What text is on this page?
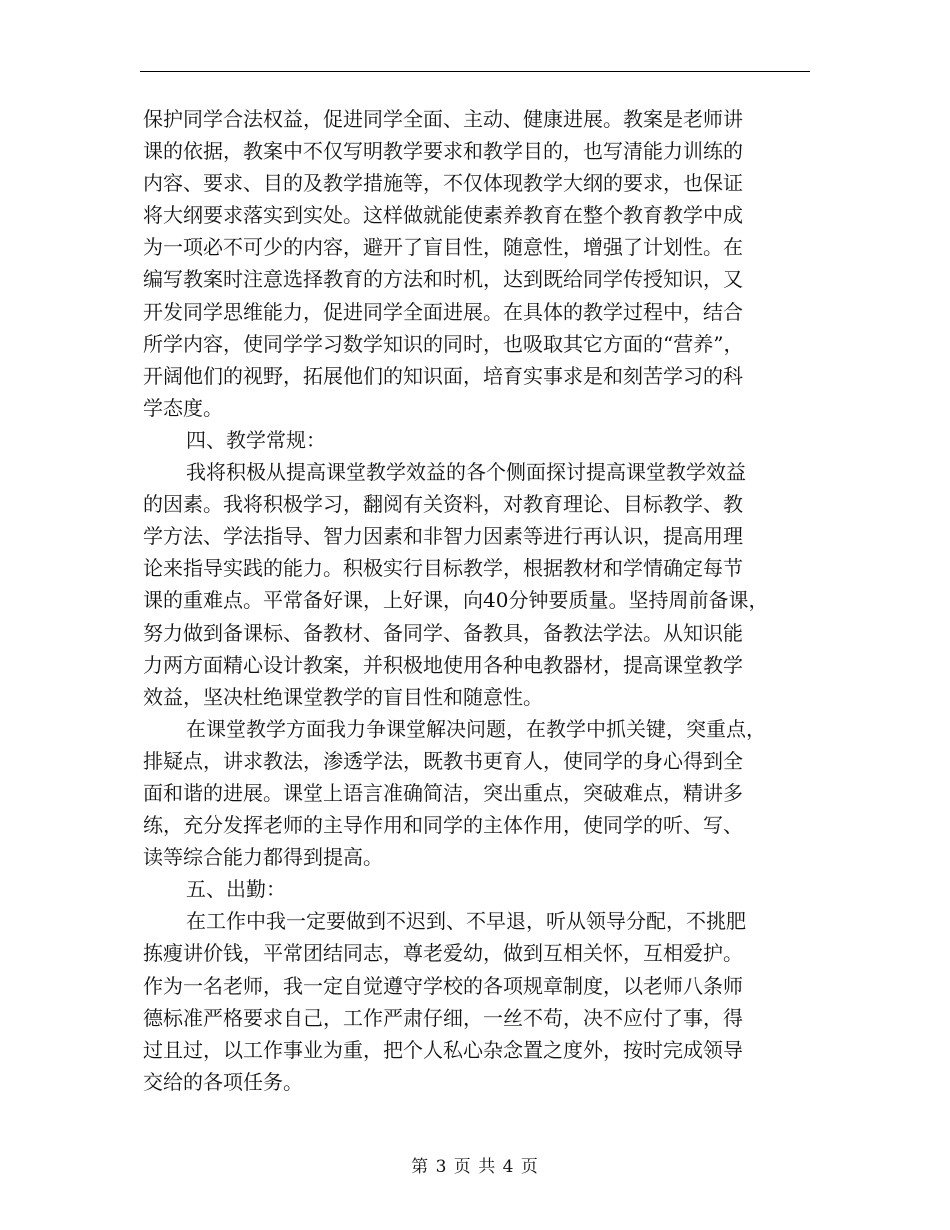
保护同学合法权益，促进同学全面、主动、健康进展。教案是老师讲
课的依据，教案中不仅写明教学要求和教学目的，也写清能力训练的
内容、要求、目的及教学措施等，不仅体现教学大纲的要求，也保证
将大纲要求落实到实处。这样做就能使素养教育在整个教育教学中成
为一项必不可少的内容，避开了盲目性，随意性，增强了计划性。在
编写教案时注意选择教育的方法和时机，达到既给同学传授知识，又
开发同学思维能力，促进同学全面进展。在具体的教学过程中，结合
所学内容，使同学学习数学知识的同时，也吸取其它方面的“营养”，
开阔他们的视野，拓展他们的知识面，培育实事求是和刻苦学习的科
学态度。
四、教学常规：
我将积极从提高课堂教学效益的各个侧面探讨提高课堂教学效益
的因素。我将积极学习，翻阅有关资料，对教育理论、目标教学、教
学方法、学法指导、智力因素和非智力因素等进行再认识，提高用理
论来指导实践的能力。积极实行目标教学，根据教材和学情确定每节
课的重难点。平常备好课，上好课，向40分钟要质量。坚持周前备课，
努力做到备课标、备教材、备同学、备教具，备教法学法。从知识能
力两方面精心设计教案，并积极地使用各种电教器材，提高课堂教学
效益，坚决杜绝课堂教学的盲目性和随意性。
在课堂教学方面我力争课堂解决问题，在教学中抓关键，突重点，
排疑点，讲求教法，渗透学法，既教书更育人，使同学的身心得到全
面和谐的进展。课堂上语言准确简洁，突出重点，突破难点，精讲多
练，充分发挥老师的主导作用和同学的主体作用，使同学的听、写、
读等综合能力都得到提高。
五、出勤：
在工作中我一定要做到不迟到、不早退，听从领导分配，不挑肥
拣瘦讲价钱，平常团结同志，尊老爱幼，做到互相关怀，互相爱护。
作为一名老师，我一定自觉遵守学校的各项规章制度，以老师八条师
德标准严格要求自己，工作严肃仔细，一丝不苟，决不应付了事，得
过且过，以工作事业为重，把个人私心杂念置之度外，按时完成领导
交给的各项任务。
第 3 页 共 4 页
